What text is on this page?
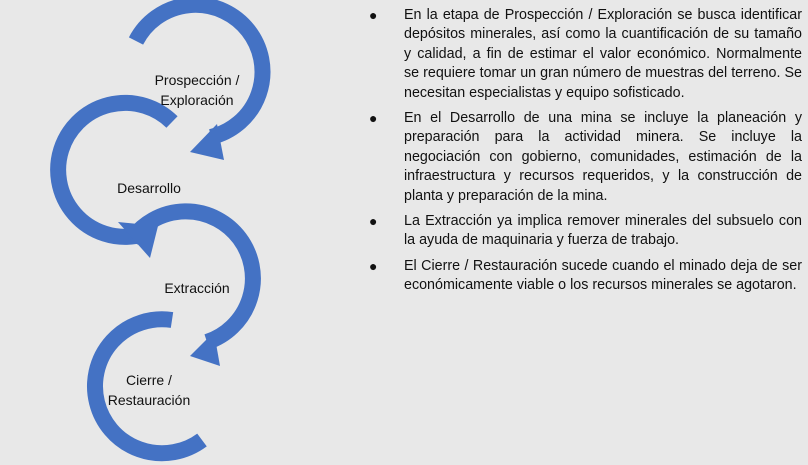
Prospección /
Exploración
Desarrollo
Extracción
Cierre /
Restauración
● En la etapa de Prospección / Exploración se busca identificar depósitos minerales, así como la cuantificación de su tamaño y calidad, a fin de estimar el valor económico. Normalmente se requiere tomar un gran número de muestras del terreno. Se necesitan especialistas y equipo sofisticado.
● En el Desarrollo de una mina se incluye la planeación y preparación para la actividad minera. Se incluye la negociación con gobierno, comunidades, estimación de la infraestructura y recursos requeridos, y la construcción de planta y preparación de la mina.
● La Extracción ya implica remover minerales del subsuelo con la ayuda de maquinaria y fuerza de trabajo.
● El Cierre / Restauración sucede cuando el minado deja de ser económicamente viable o los recursos minerales se agotaron.
